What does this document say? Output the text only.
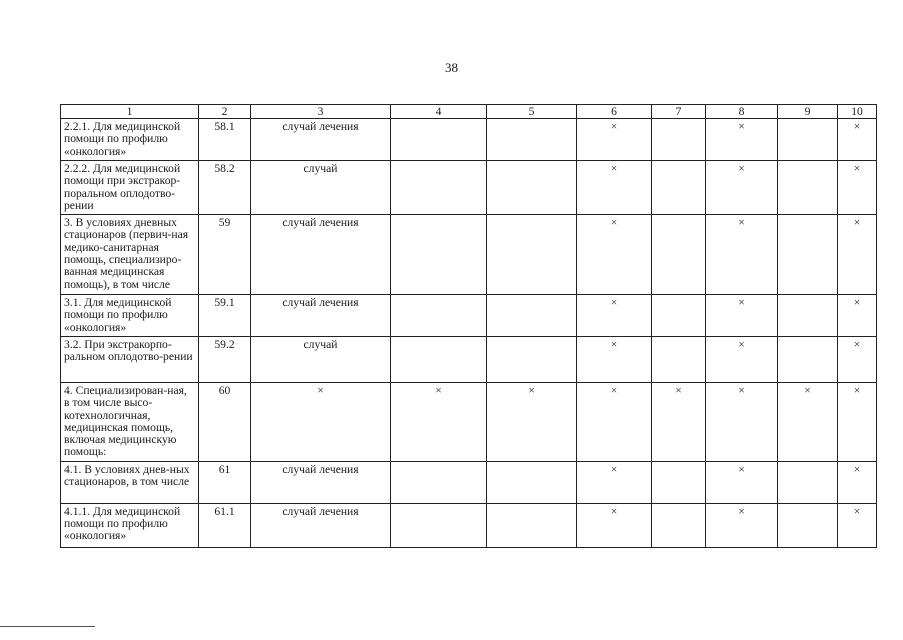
38
1	2	3	4	5	6	7	8	9	10
2.2.1. Для медицинской помощи по профилю «онкология»	58.1	случай лечения			×		×		×
2.2.2. Для медицинской помощи при экстракор-поральном оплодотво-рении	58.2	случай			×		×		×
3. В условиях дневных стационаров (первич-ная медико-санитарная помощь, специализиро-ванная медицинская помощь), в том числе	59	случай лечения			×		×		×
3.1. Для медицинской помощи по профилю «онкология»	59.1	случай лечения			×		×		×
3.2. При экстракорпо-ральном оплодотво-рении	59.2	случай			×		×		×
4. Специализирован-ная, в том числе высо-котехнологичная, медицинская помощь, включая медицинскую помощь:	60	×	×	×	×	×	×	×	×
4.1. В условиях днев-ных стационаров, в том числе	61	случай лечения			×		×		×
4.1.1. Для медицинской помощи по профилю «онкология»	61.1	случай лечения			×		×		×
